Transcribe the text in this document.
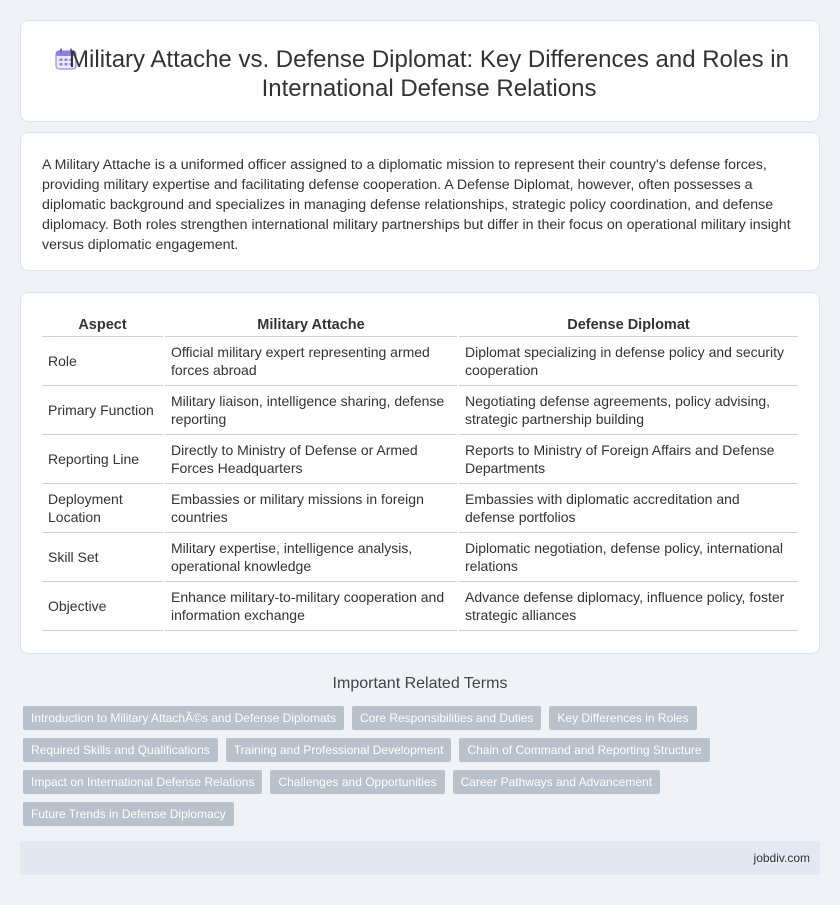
Military Attache vs. Defense Diplomat: Key Differences and Roles in International Defense Relations

A Military Attache is a uniformed officer assigned to a diplomatic mission to represent their country's defense forces, providing military expertise and facilitating defense cooperation. A Defense Diplomat, however, often possesses a diplomatic background and specializes in managing defense relationships, strategic policy coordination, and defense diplomacy. Both roles strengthen international military partnerships but differ in their focus on operational military insight versus diplomatic engagement.

Aspect	Military Attache	Defense Diplomat
Role	Official military expert representing armed forces abroad	Diplomat specializing in defense policy and security cooperation
Primary Function	Military liaison, intelligence sharing, defense reporting	Negotiating defense agreements, policy advising, strategic partnership building
Reporting Line	Directly to Ministry of Defense or Armed Forces Headquarters	Reports to Ministry of Foreign Affairs and Defense Departments
Deployment Location	Embassies or military missions in foreign countries	Embassies with diplomatic accreditation and defense portfolios
Skill Set	Military expertise, intelligence analysis, operational knowledge	Diplomatic negotiation, defense policy, international relations
Objective	Enhance military-to-military cooperation and information exchange	Advance defense diplomacy, influence policy, foster strategic alliances
Important Related Terms
Introduction to Military AttachÃ©s and Defense Diplomats	Core Responsibilities and Duties	Key Differences in Roles
Required Skills and Qualifications	Training and Professional Development	Chain of Command and Reporting Structure
Impact on International Defense Relations	Challenges and Opportunities	Career Pathways and Advancement
Future Trends in Defense Diplomacy
jobdiv.com
